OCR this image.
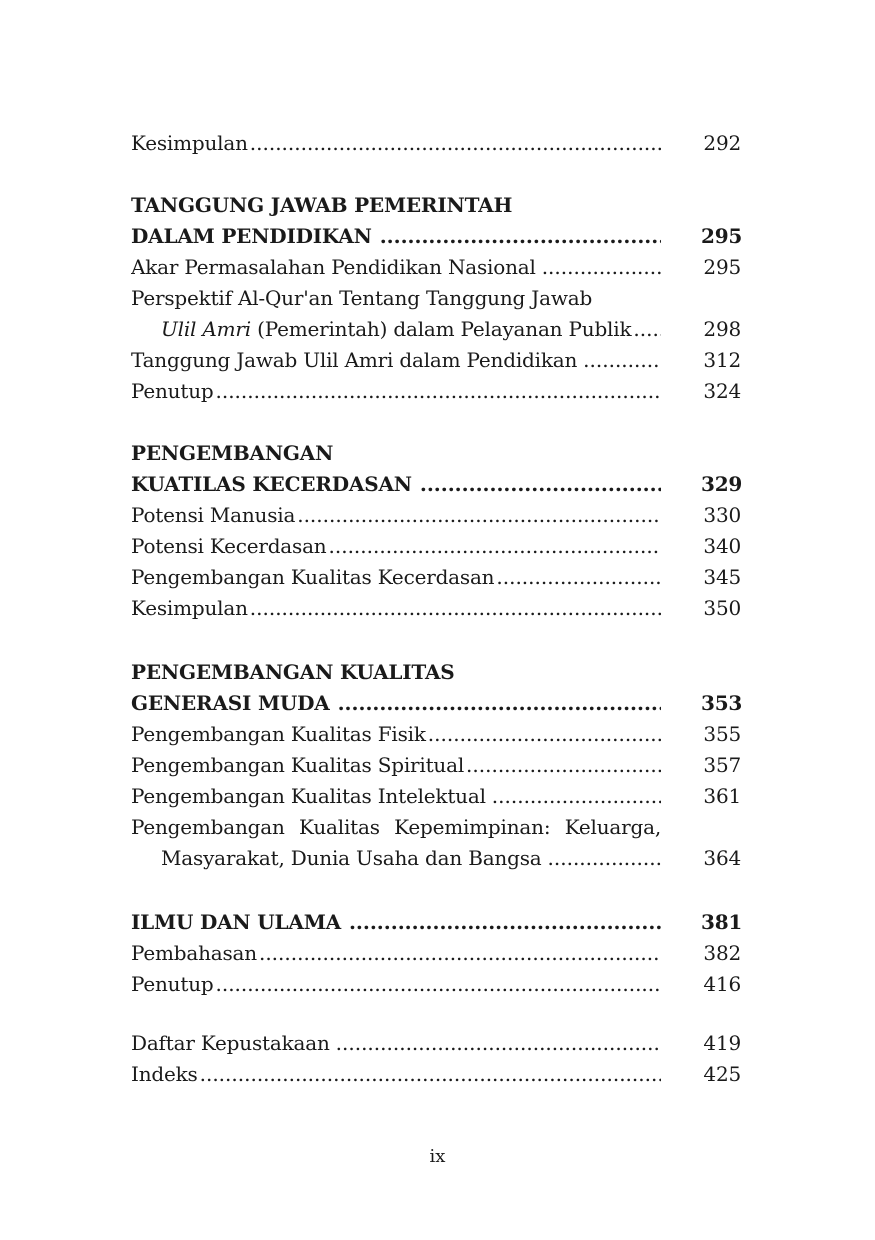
Kesimpulan .....	292
TANGGUNG JAWAB PEMERINTAH
DALAM PENDIDIKAN .....	295
Akar Permasalahan Pendidikan Nasional .....	295
Perspektif Al-Qur'an Tentang Tanggung Jawab
Ulil Amri (Pemerintah) dalam Pelayanan Publik .....	298
Tanggung Jawab Ulil Amri dalam Pendidikan .....	312
Penutup .....	324
PENGEMBANGAN
KUATILAS KECERDASAN .....	329
Potensi Manusia .....	330
Potensi Kecerdasan .....	340
Pengembangan Kualitas Kecerdasan .....	345
Kesimpulan .....	350
PENGEMBANGAN KUALITAS
GENERASI MUDA .....	353
Pengembangan Kualitas Fisik .....	355
Pengembangan Kualitas Spiritual .....	357
Pengembangan Kualitas Intelektual .....	361
Pengembangan Kualitas Kepemimpinan: Keluarga,
Masyarakat, Dunia Usaha dan Bangsa .....	364
ILMU DAN ULAMA .....	381
Pembahasan .....	382
Penutup .....	416
Daftar Kepustakaan .....	419
Indeks .....	425
ix
